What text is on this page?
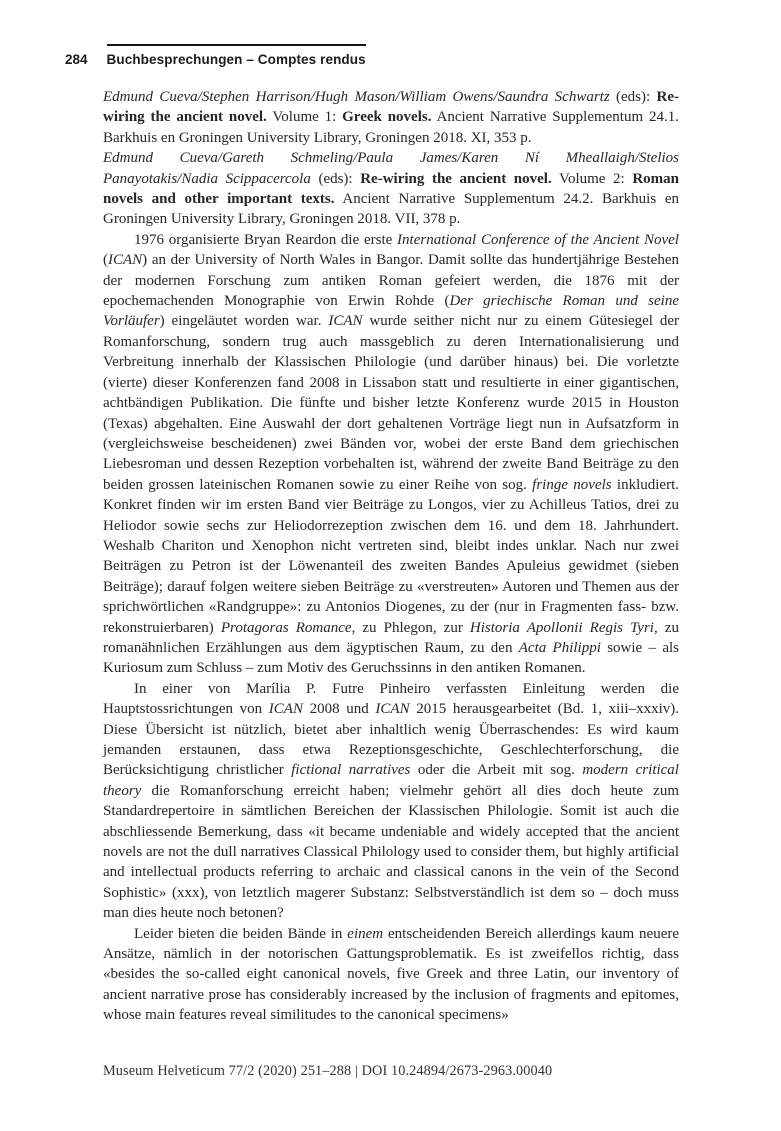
284 Buchbesprechungen – Comptes rendus

Edmund Cueva/Stephen Harrison/Hugh Mason/William Owens/Saundra Schwartz (eds): Re-wiring the ancient novel. Volume 1: Greek novels. Ancient Narrative Supplementum 24.1. Barkhuis en Groningen University Library, Groningen 2018. XI, 353 p.

Edmund Cueva/Gareth Schmeling/Paula James/Karen Ní Mheallaigh/Stelios Panayotakis/Nadia Scippacercola (eds): Re-wiring the ancient novel. Volume 2: Roman novels and other important texts. Ancient Narrative Supplementum 24.2. Barkhuis en Groningen University Library, Groningen 2018. VII, 378 p.

1976 organisierte Bryan Reardon die erste International Conference of the Ancient Novel (ICAN) an der University of North Wales in Bangor. Damit sollte das hundertjährige Bestehen der modernen Forschung zum antiken Roman gefeiert werden, die 1876 mit der epochemachenden Monographie von Erwin Rohde (Der griechische Roman und seine Vorläufer) eingeläutet worden war. ICAN wurde seither nicht nur zu einem Gütesiegel der Romanforschung, sondern trug auch massgeblich zu deren Internationalisierung und Verbreitung innerhalb der Klassischen Philologie (und darüber hinaus) bei. Die vorletzte (vierte) dieser Konferenzen fand 2008 in Lissabon statt und resultierte in einer gigantischen, achtbändigen Publikation. Die fünfte und bisher letzte Konferenz wurde 2015 in Houston (Texas) abgehalten. Eine Auswahl der dort gehaltenen Vorträge liegt nun in Aufsatzform in (vergleichsweise bescheidenen) zwei Bänden vor, wobei der erste Band dem griechischen Liebesroman und dessen Rezeption vorbehalten ist, während der zweite Band Beiträge zu den beiden grossen lateinischen Romanen sowie zu einer Reihe von sog. fringe novels inkludiert. Konkret finden wir im ersten Band vier Beiträge zu Longos, vier zu Achilleus Tatios, drei zu Heliodor sowie sechs zur Heliodorrezeption zwischen dem 16. und dem 18. Jahrhundert. Weshalb Chariton und Xenophon nicht vertreten sind, bleibt indes unklar. Nach nur zwei Beiträgen zu Petron ist der Löwenanteil des zweiten Bandes Apuleius gewidmet (sieben Beiträge); darauf folgen weitere sieben Beiträge zu «verstreuten» Autoren und Themen aus der sprichwörtlichen «Randgruppe»: zu Antonios Diogenes, zu der (nur in Fragmenten fass- bzw. rekonstruierbaren) Protagoras Romance, zu Phlegon, zur Historia Apollonii Regis Tyri, zu romanähnlichen Erzählungen aus dem ägyptischen Raum, zu den Acta Philippi sowie – als Kuriosum zum Schluss – zum Motiv des Geruchssinns in den antiken Romanen.

In einer von Marília P. Futre Pinheiro verfassten Einleitung werden die Hauptstossrichtungen von ICAN 2008 und ICAN 2015 herausgearbeitet (Bd. 1, xiii–xxxiv). Diese Übersicht ist nützlich, bietet aber inhaltlich wenig Überraschendes: Es wird kaum jemanden erstaunen, dass etwa Rezeptionsgeschichte, Geschlechterforschung, die Berücksichtigung christlicher fictional narratives oder die Arbeit mit sog. modern critical theory die Romanforschung erreicht haben; vielmehr gehört all dies doch heute zum Standardrepertoire in sämtlichen Bereichen der Klassischen Philologie. Somit ist auch die abschliessende Bemerkung, dass «it became undeniable and widely accepted that the ancient novels are not the dull narratives Classical Philology used to consider them, but highly artificial and intellectual products referring to archaic and classical canons in the vein of the Second Sophistic» (xxx), von letztlich magerer Substanz: Selbstverständlich ist dem so – doch muss man dies heute noch betonen?

Leider bieten die beiden Bände in einem entscheidenden Bereich allerdings kaum neuere Ansätze, nämlich in der notorischen Gattungsproblematik. Es ist zweifellos richtig, dass «besides the so-called eight canonical novels, five Greek and three Latin, our inventory of ancient narrative prose has considerably increased by the inclusion of fragments and epitomes, whose main features reveal similitudes to the canonical specimens»

Museum Helveticum 77/2 (2020) 251–288 | DOI 10.24894/2673-2963.00040
